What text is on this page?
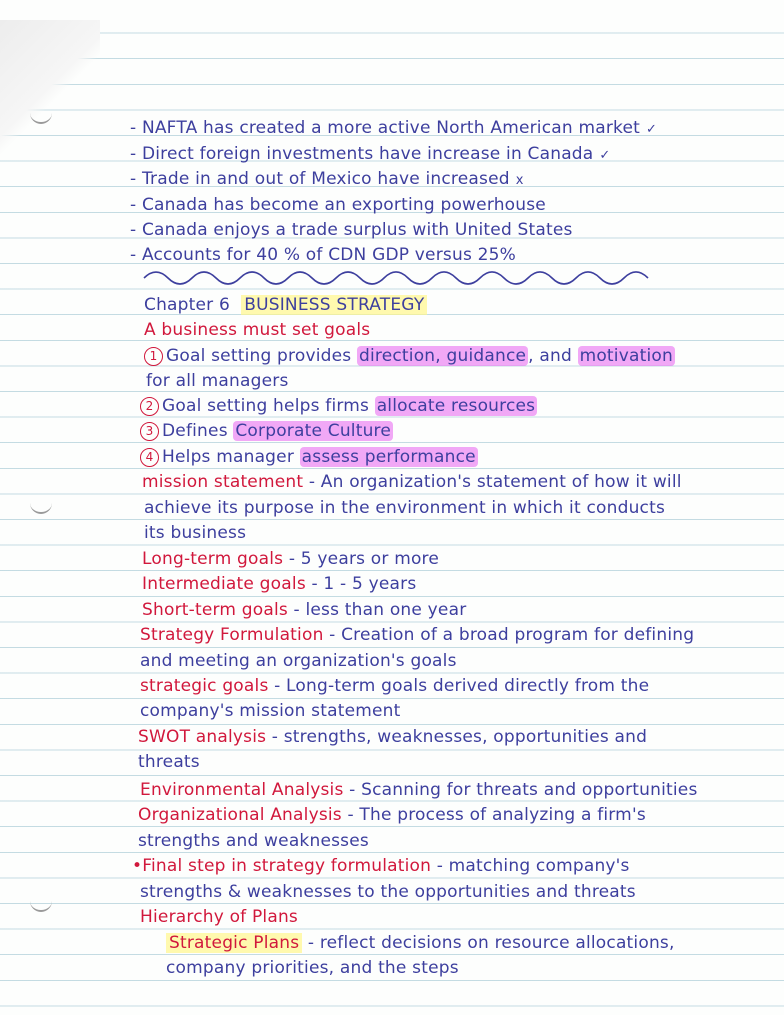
- NAFTA has created a more active North American market ✓
- Direct foreign investments have increase in Canada ✓
- Trade in and out of Mexico have increased x
- Canada has become an exporting powerhouse
- Canada enjoys a trade surplus with United States
- Accounts for 40 % of CDN GDP versus 25%
Chapter 6 BUSINESS STRATEGY
A business must set goals
1 Goal setting provides direction, guidance , and motivation
for all managers
2 Goal setting helps firms allocate resources
3 Defines Corporate Culture
4 Helps manager assess performance
mission statement - An organization's statement of how it will
achieve its purpose in the environment in which it conducts
its business
Long-term goals - 5 years or more
Intermediate goals - 1 - 5 years
Short-term goals - less than one year
Strategy Formulation - Creation of a broad program for defining
and meeting an organization's goals
strategic goals - Long-term goals derived directly from the
company's mission statement
SWOT analysis - strengths, weaknesses, opportunities and
threats
Environmental Analysis - Scanning for threats and opportunities
Organizational Analysis - The process of analyzing a firm's
strengths and weaknesses
•Final step in strategy formulation - matching company's
strengths & weaknesses to the opportunities and threats
Hierarchy of Plans
Strategic Plans - reflect decisions on resource allocations,
company priorities, and the steps
